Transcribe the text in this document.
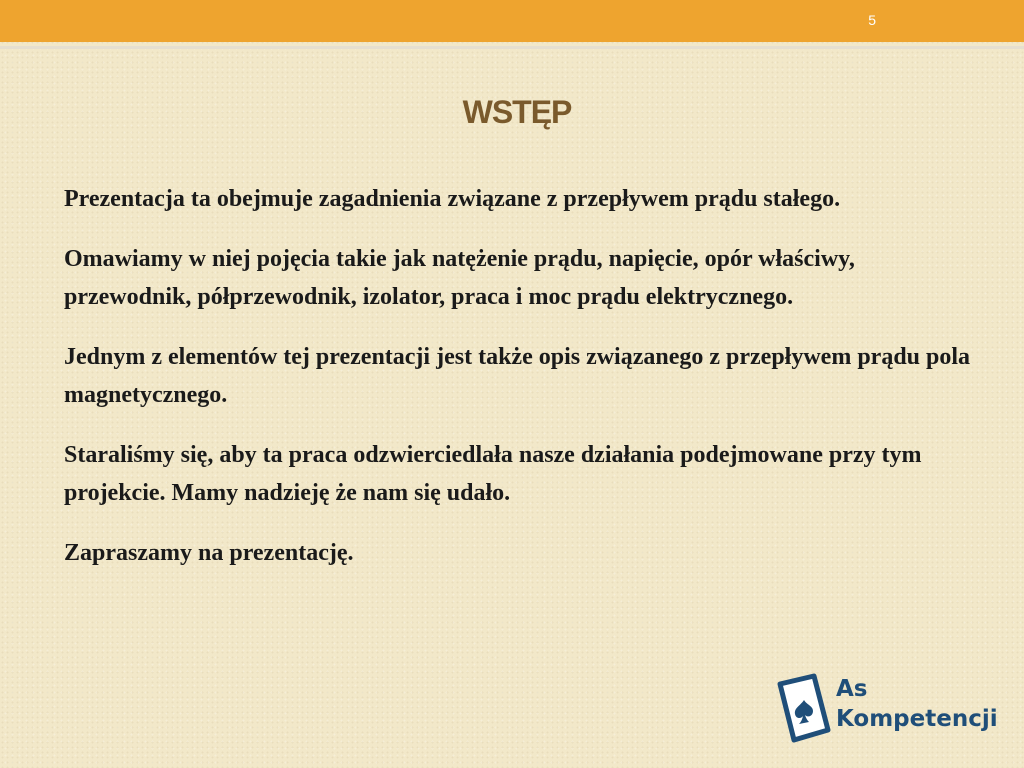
5
WSTĘP

Prezentacja ta obejmuje zagadnienia związane z przepływem prądu stałego.

Omawiamy w niej pojęcia takie jak natężenie prądu, napięcie, opór właściwy, przewodnik, półprzewodnik, izolator, praca i moc prądu elektrycznego.

Jednym z elementów tej prezentacji jest także opis związanego z przepływem prądu pola magnetycznego.

Staraliśmy się, aby ta praca odzwierciedlała nasze działania podejmowane przy tym projekcie. Mamy nadzieję że nam się udało.

Zapraszamy na prezentację.

As
Kompetencji
